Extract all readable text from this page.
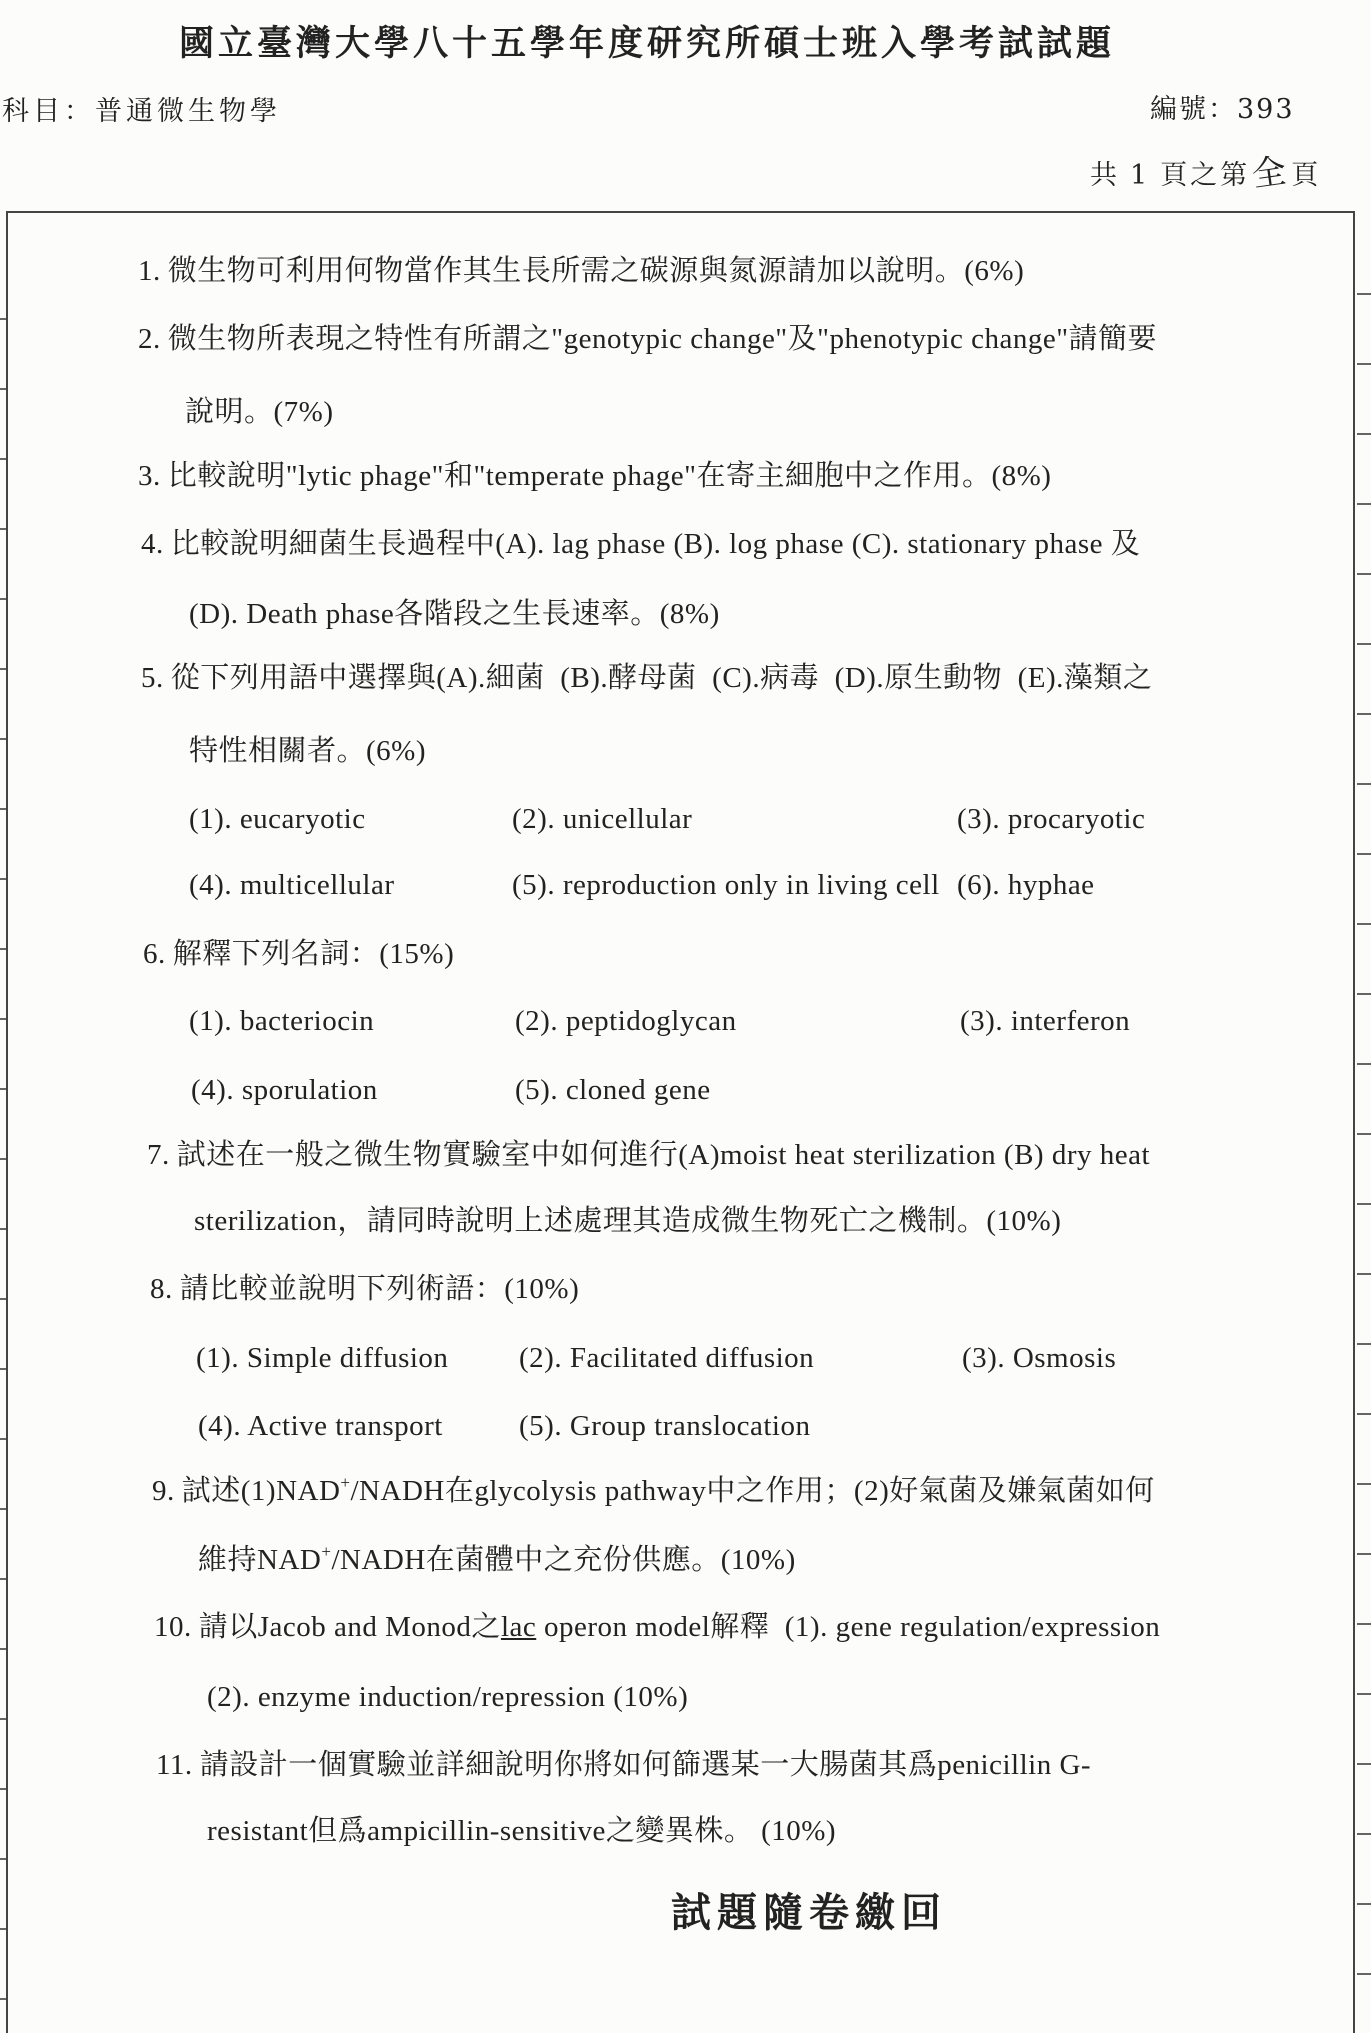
國立臺灣大學八十五學年度研究所碩士班入學考試試題
科目：普通微生物學	編號：393
共 1 頁之第全頁
1. 微生物可利用何物當作其生長所需之碳源與氮源請加以說明。(6%)
2. 微生物所表現之特性有所謂之"genotypic change"及"phenotypic change"請簡要
說明。(7%)
3. 比較說明"lytic phage"和"temperate phage"在寄主細胞中之作用。(8%)
4. 比較說明細菌生長過程中(A). lag phase (B). log phase (C). stationary phase 及
(D). Death phase各階段之生長速率。(8%)
5. 從下列用語中選擇與(A).細菌  (B).酵母菌  (C).病毒  (D).原生動物  (E).藻類之
特性相關者。(6%)
(1). eucaryotic	(2). unicellular	(3). procaryotic
(4). multicellular	(5). reproduction only in living cell (6). hyphae
6. 解釋下列名詞：(15%)
(1). bacteriocin	(2). peptidoglycan	(3). interferon
(4). sporulation	(5). cloned gene
7. 試述在一般之微生物實驗室中如何進行(A)moist heat sterilization (B) dry heat
sterilization，請同時說明上述處理其造成微生物死亡之機制。(10%)
8. 請比較並說明下列術語：(10%)
(1). Simple diffusion (2). Facilitated diffusion	(3). Osmosis
(4). Active transport	(5). Group translocation
9. 試述(1)NAD+/NADH在glycolysis pathway中之作用；(2)好氣菌及嫌氣菌如何
維持NAD+/NADH在菌體中之充份供應。(10%)
10. 請以Jacob and Monod之lac operon model解釋  (1). gene regulation/expression
(2). enzyme induction/repression (10%)
11. 請設計一個實驗並詳細說明你將如何篩選某一大腸菌其爲penicillin G-
resistant但爲ampicillin-sensitive之變異株。 (10%)
試題隨卷繳回
